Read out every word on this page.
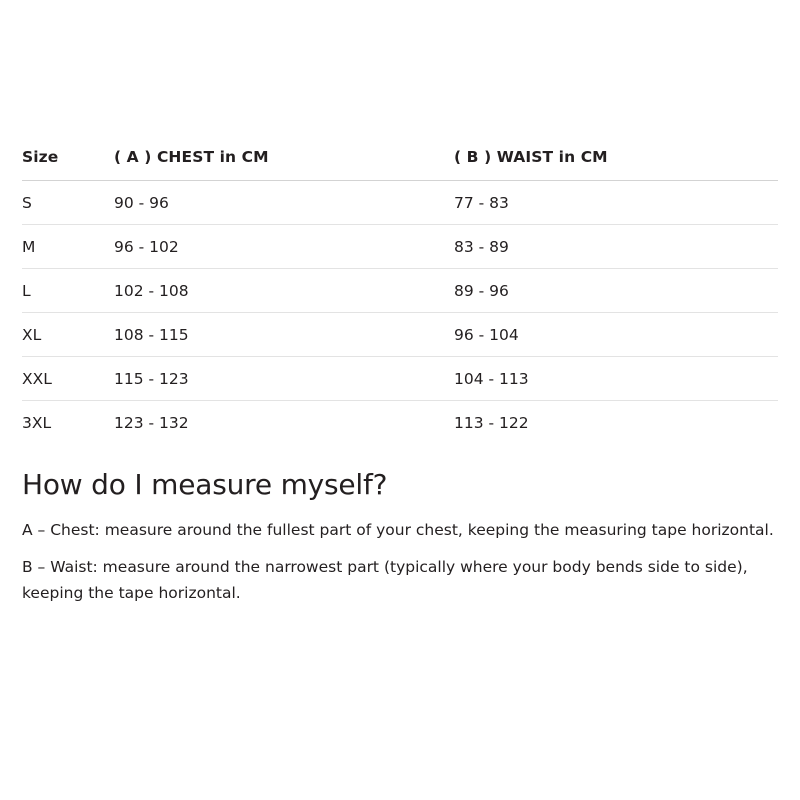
Size	( A ) CHEST in CM	( B ) WAIST in CM
S	90 - 96	77 - 83
M	96 - 102	83 - 89
L	102 - 108	89 - 96
XL	108 - 115	96 - 104
XXL	115 - 123	104 - 113
3XL	123 - 132	113 - 122
How do I measure myself?

A – Chest: measure around the fullest part of your chest, keeping the measuring tape horizontal.

B – Waist: measure around the narrowest part (typically where your body bends side to side), keeping the tape horizontal.
